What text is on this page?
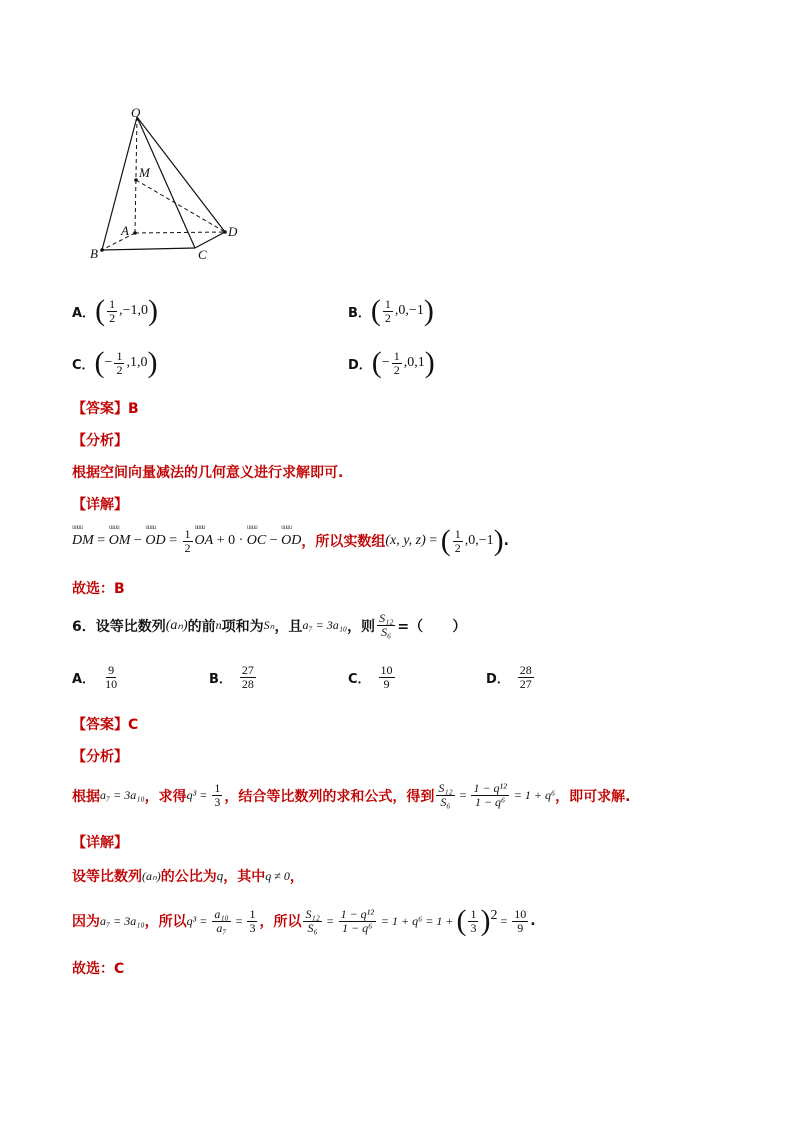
O
M
A
B	C
D
A． ( $\frac{1}{2} ,-1,0$ )	B． ( $\frac{1}{2} ,0,-1$ )
C． ( − $\frac{1}{2} ,1,0$ )	D． ( − $\frac{1}{2} ,0,1$ )
【答案】B
【分析】
根据空间向量减法的几何意义进行求解即可.
【详解】
uuuu DM = uuuu OM − uuuu OD = $\frac{1}{2}$ uuuu OA + 0 · uuuu OC − uuuu OD ，所以实数组 (x, y, z) = ( $\frac{1}{2} ,0,-1$ ) .
故选：B
6．设等比数列 (aₙ) 的前 n 项和为 Sₙ ，且 a₇ = 3a₁₀ ，则 $\frac{\text{S₁₂}}{\text{S₆}}$ =（      ）
A． $\frac{9}{10}$	B． $\frac{27}{28}$	C． $\frac{10}{9}$	D． $\frac{28}{27}$
【答案】C
【分析】
根据 a₇ = 3a₁₀ ，求得 $q^3 = \frac{1}{3}$ ，结合等比数列的求和公式，得到 $\frac{\text{S₁₂}}{\text{S₆}} = \frac{\text{1 − q¹²}}{\text{1 − q⁶}} = 1 + q^6$ ，即可求解.
【详解】
设等比数列 (aₙ) 的公比为 q ，其中 q ≠ 0 ，
因为 a₇ = 3a₁₀ ，所以 $q^3 = \frac{\text{a₁₀}}{\text{a₇}} = \frac{1}{3}$ ，所以 $\frac{\text{S₁₂}}{\text{S₆}} = \frac{\text{1 − q¹²}}{\text{1 − q⁶}} = 1 + q^6 = 1$ + ( $\frac{1}{3}$ ) $2 = \frac{10}{9}$ .
故选：C
